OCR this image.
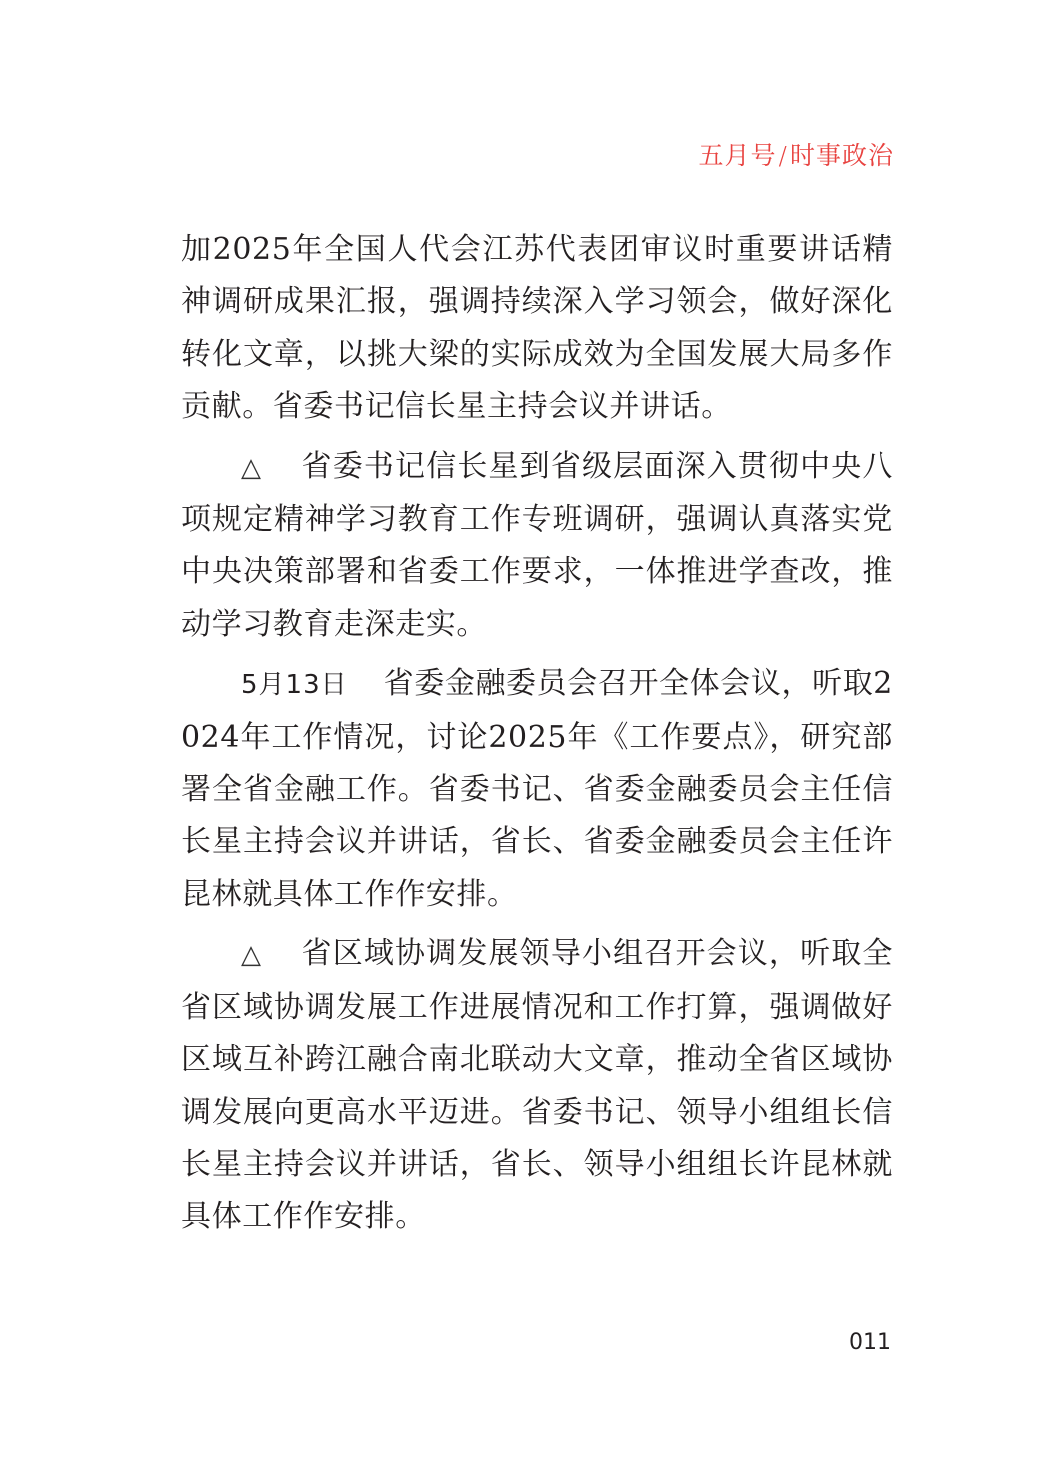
五月号/时事政治

加2025年全国人代会江苏代表团审议时重要讲话精神调研成果汇报，强调持续深入学习领会，做好深化转化文章，以挑大梁的实际成效为全国发展大局多作贡献。省委书记信长星主持会议并讲话。

△ 省委书记信长星到省级层面深入贯彻中央八项规定精神学习教育工作专班调研，强调认真落实党中央决策部署和省委工作要求，一体推进学查改，推动学习教育走深走实。

5月13日 省委金融委员会召开全体会议，听取2024年工作情况，讨论2025年《工作要点》，研究部署全省金融工作。省委书记、省委金融委员会主任信长星主持会议并讲话，省长、省委金融委员会主任许昆林就具体工作作安排。

△ 省区域协调发展领导小组召开会议，听取全省区域协调发展工作进展情况和工作打算，强调做好区域互补跨江融合南北联动大文章，推动全省区域协调发展向更高水平迈进。省委书记、领导小组组长信长星主持会议并讲话，省长、领导小组组长许昆林就具体工作作安排。

011
